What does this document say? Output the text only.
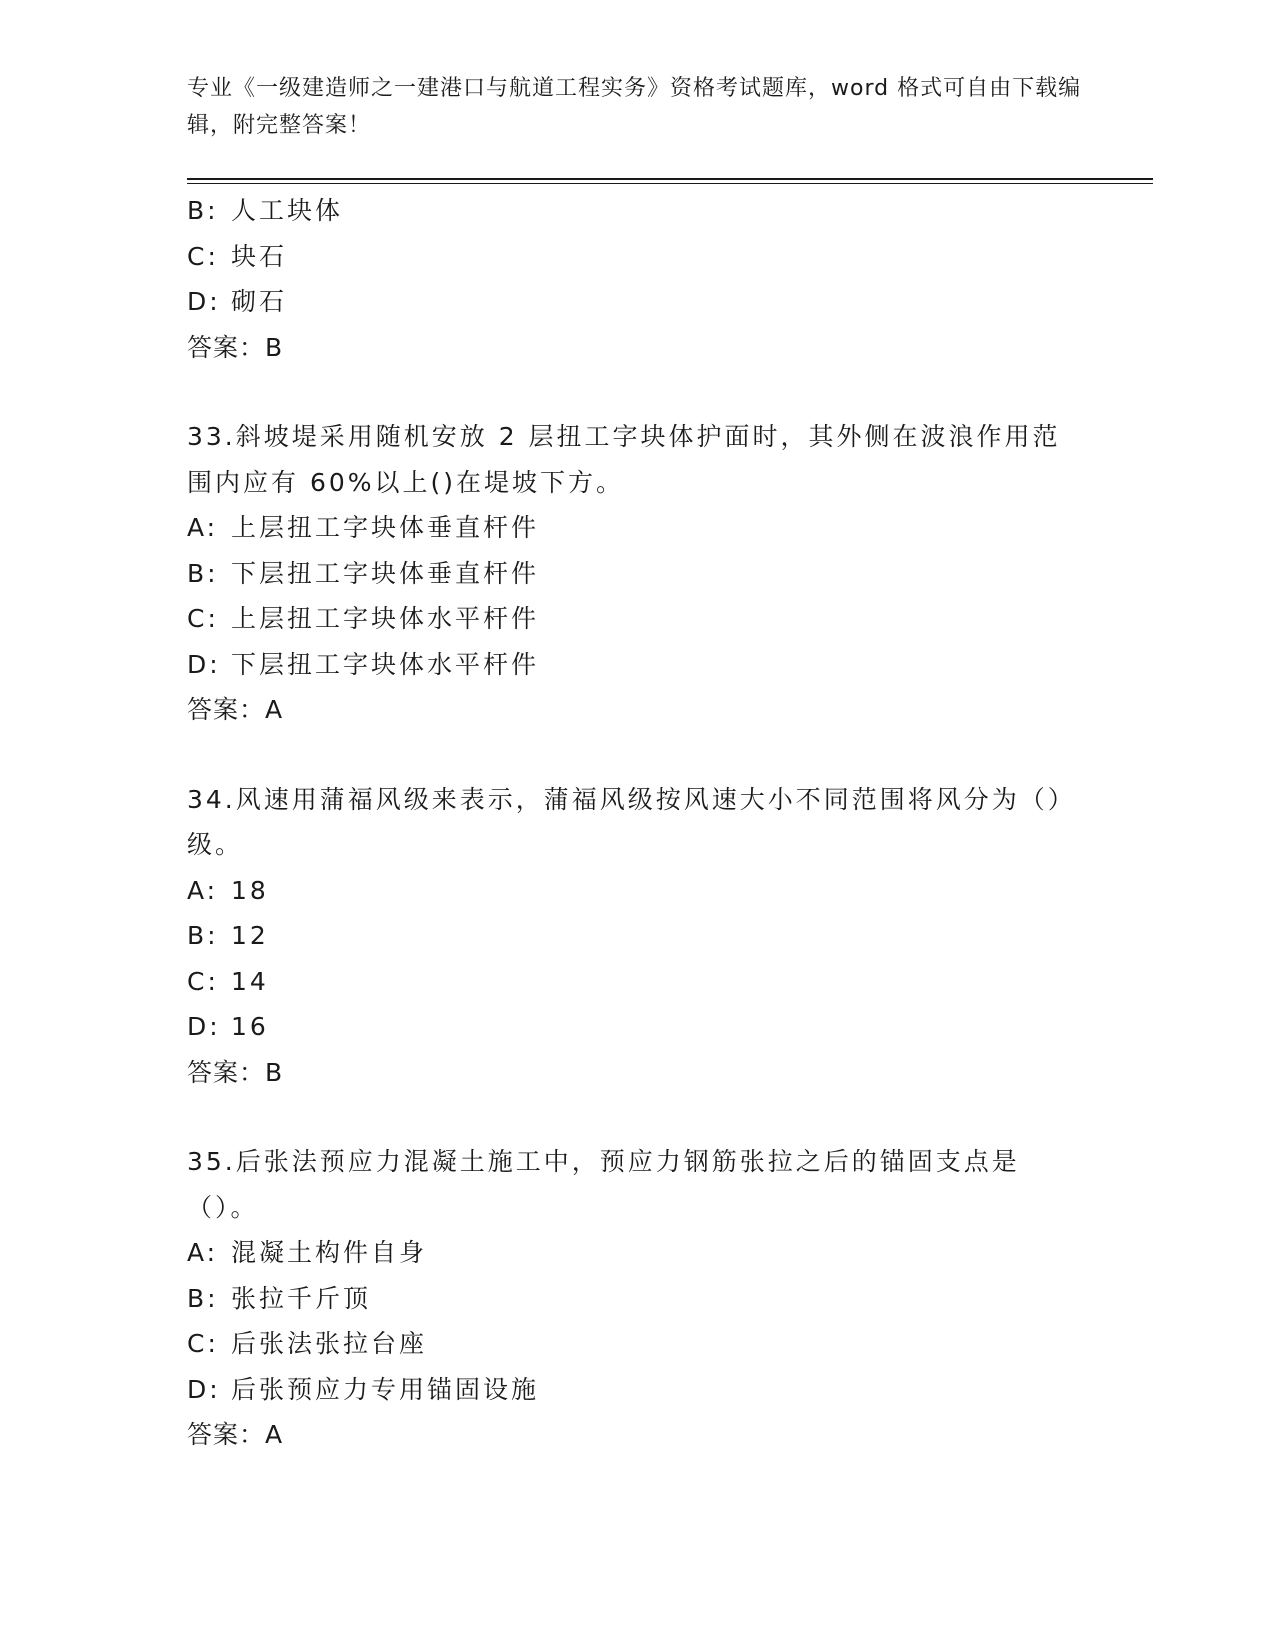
专业《一级建造师之一建港口与航道工程实务》资格考试题库，word 格式可自由下载编辑，附完整答案！
B: 人工块体
C: 块石
D: 砌石
答案：B
33.斜坡堤采用随机安放 2 层扭工字块体护面时，其外侧在波浪作用范围内应有 60%以上()在堤坡下方。
A: 上层扭工字块体垂直杆件
B: 下层扭工字块体垂直杆件
C: 上层扭工字块体水平杆件
D: 下层扭工字块体水平杆件
答案：A
34.风速用蒲福风级来表示，蒲福风级按风速大小不同范围将风分为（）级。
A: 18
B: 12
C: 14
D: 16
答案：B
35.后张法预应力混凝土施工中，预应力钢筋张拉之后的锚固支点是（）。
A: 混凝土构件自身
B: 张拉千斤顶
C: 后张法张拉台座
D: 后张预应力专用锚固设施
答案：A
